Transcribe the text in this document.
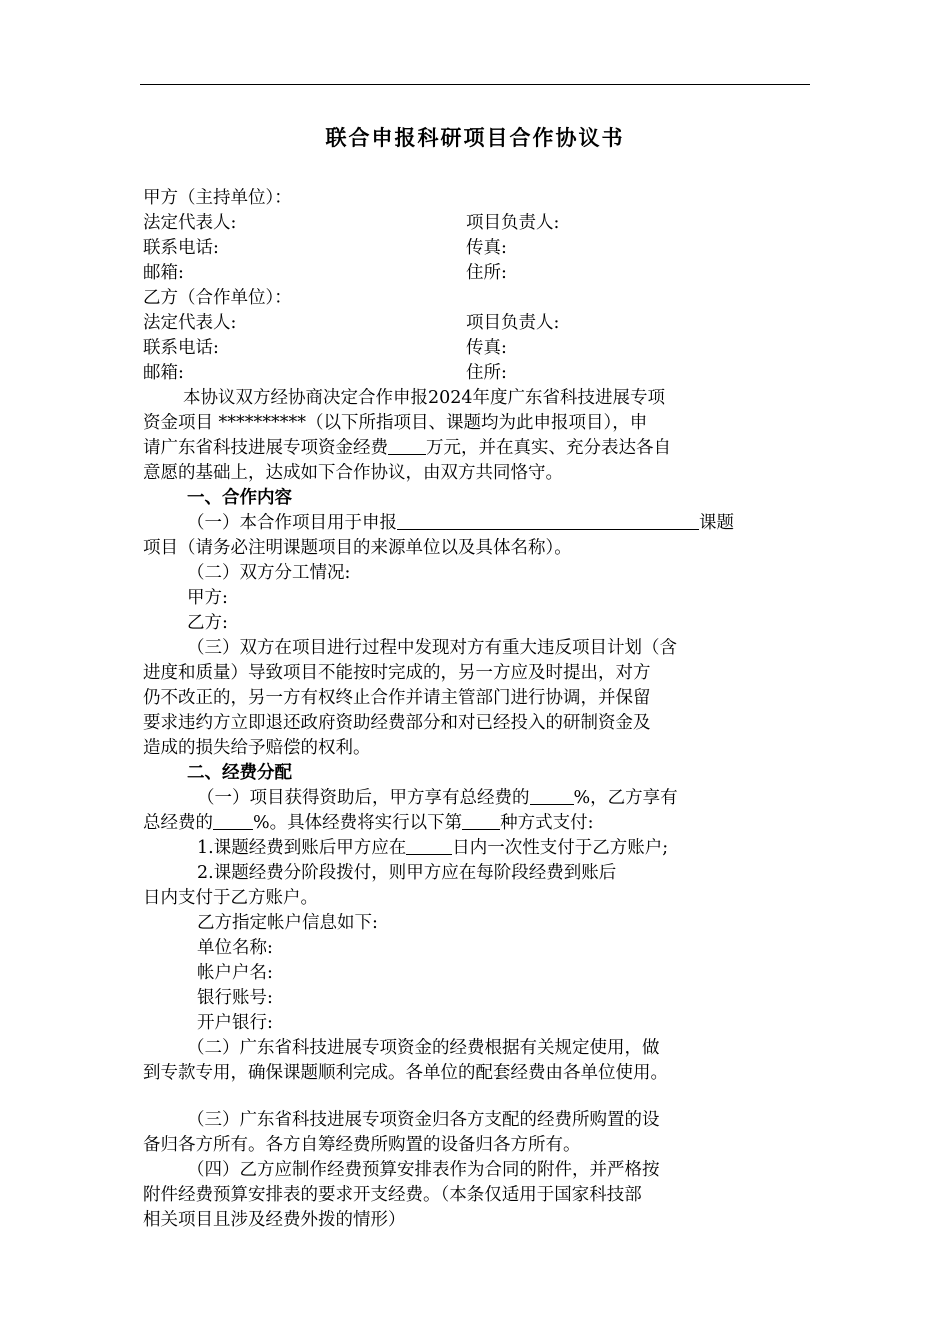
联合申报科研项目合作协议书
甲方（主持单位）：
法定代表人:	项目负责人:
联系电话:	传真:
邮箱:	住所:
乙方（合作单位）：
法定代表人:	项目负责人:
联系电话:	传真:
邮箱:	住所:
本协议双方经协商决定合作申报2024年度广东省科技进展专项
资金项目 **********（以下所指项目、课题均为此申报项目），申
请广东省科技进展专项资金经费 万元，并在真实、充分表达各自
意愿的基础上，达成如下合作协议，由双方共同恪守。
一、合作内容
（一）本合作项目用于申报	课题
项目（请务必注明课题项目的来源单位以及具体名称）。
（二）双方分工情况:
甲方:
乙方:
（三）双方在项目进行过程中发现对方有重大违反项目计划（含
进度和质量）导致项目不能按时完成的，另一方应及时提出，对方
仍不改正的，另一方有权终止合作并请主管部门进行协调，并保留
要求违约方立即退还政府资助经费部分和对已经投入的研制资金及
造成的损失给予赔偿的权利。
二、经费分配
（一）项目获得资助后，甲方享有总经费的	%，乙方享有
总经费的 %。具体经费将实行以下第 种方式支付:
1.课题经费到账后甲方应在	日内一次性支付于乙方账户;
2.课题经费分阶段拨付，则甲方应在每阶段经费到账后
日内支付于乙方账户。
乙方指定帐户信息如下:
单位名称:
帐户户名:
银行账号:
开户银行:
（二）广东省科技进展专项资金的经费根据有关规定使用，做
到专款专用，确保课题顺利完成。各单位的配套经费由各单位使用。
（三）广东省科技进展专项资金归各方支配的经费所购置的设
备归各方所有。各方自筹经费所购置的设备归各方所有。
（四）乙方应制作经费预算安排表作为合同的附件，并严格按
附件经费预算安排表的要求开支经费。（本条仅适用于国家科技部
相关项目且涉及经费外拨的情形）
